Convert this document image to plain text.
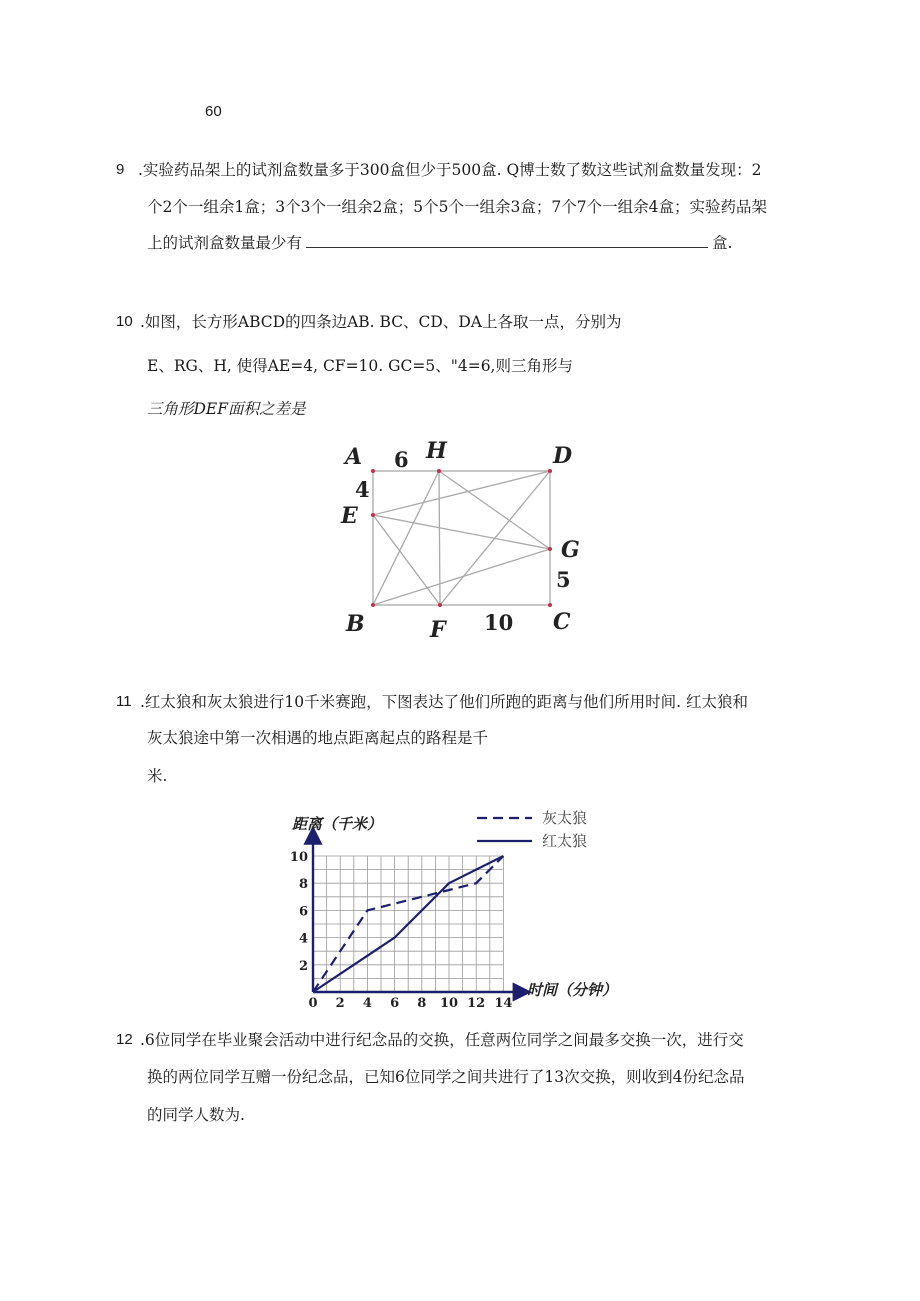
60
9 .实验药品架上的试剂盒数量多于300盒但少于500盒. Q博士数了数这些试剂盒数量发现：2
个2个一组余1盒；3个3个一组余2盒；5个5个一组余3盒；7个7个一组余4盒；实验药品架
上的试剂盒数量最少有	盒.
10 .如图，长方形ABCD的四条边AB. BC、CD、DA上各取一点，分别为
E、RG、H, 使得AE=4, CF=10. GC=5、"4=6,则三角形与
三角形DEF面积之差是
A	H	D
E
G
B	F	C
6
4
5
10
11 .红太狼和灰太狼进行10千米赛跑，下图表达了他们所跑的距离与他们所用时间. 红太狼和
灰太狼途中第一次相遇的地点距离起点的路程是千
米.
0 2 4 6 8 10 12 14
2
4
6
8
10
距离（千米）
时间（分钟）
灰太狼
红太狼
12 .6位同学在毕业聚会活动中进行纪念品的交换，任意两位同学之间最多交换一次，进行交
换的两位同学互赠一份纪念品，已知6位同学之间共进行了13次交换，则收到4份纪念品
的同学人数为.
